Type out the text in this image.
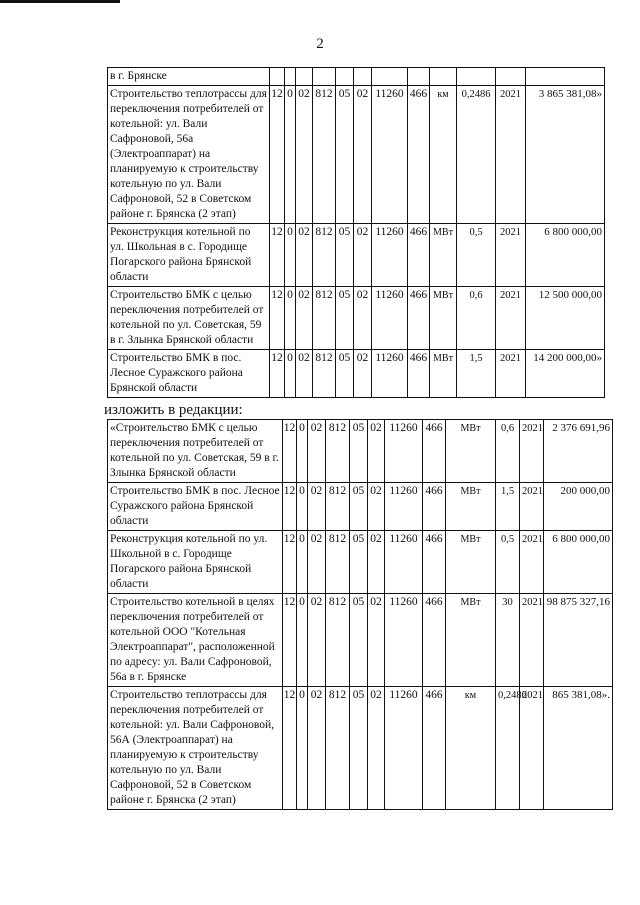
2
в г. Брянске												
Строительство теплотрассы для переключения потребителей от котельной: ул. Вали Сафроновой, 56а (Электроаппарат) на планируемую к строительству котельную по ул. Вали Сафроновой, 52 в Советском районе г. Брянска (2 этап)	12	0	02	812	05	02	11260	466	км	0,2486	2021	3 865 381,08»
Реконструкция котельной по ул. Школьная в с. Городище Погарского района Брянской области	12	0	02	812	05	02	11260	466	МВт	0,5	2021	6 800 000,00
Строительство БМК с целью переключения потребителей от котельной по ул. Советская, 59 в г. Злынка Брянской области	12	0	02	812	05	02	11260	466	МВт	0,6	2021	12 500 000,00
Строительство БМК в пос. Лесное Суражского района Брянской области	12	0	02	812	05	02	11260	466	МВт	1,5	2021	14 200 000,00»
изложить в редакции:
«Строительство БМК с целью переключения потребителей от котельной по ул. Советская, 59 в г. Злынка Брянской области	12	0	02	812	05	02	11260	466	МВт	0,6	2021	2 376 691,96
Строительство БМК в пос. Лесное Суражского района Брянской области	12	0	02	812	05	02	11260	466	МВт	1,5	2021	200 000,00
Реконструкция котельной по ул. Школьной в с. Городище Погарского района Брянской области	12	0	02	812	05	02	11260	466	МВт	0,5	2021	6 800 000,00
Строительство котельной в целях переключения потребителей от котельной ООО "Котельная Электроаппарат", расположенной по адресу: ул. Вали Сафроновой, 56а в г. Брянске	12	0	02	812	05	02	11260	466	МВт	30	2021	98 875 327,16
Строительство теплотрассы для переключения потребителей от котельной: ул. Вали Сафроновой, 56А (Электроаппарат) на планируемую к строительству котельную по ул. Вали Сафроновой, 52 в Советском районе г. Брянска (2 этап)	12	0	02	812	05	02	11260	466	км	0,2486	2021	865 381,08».
